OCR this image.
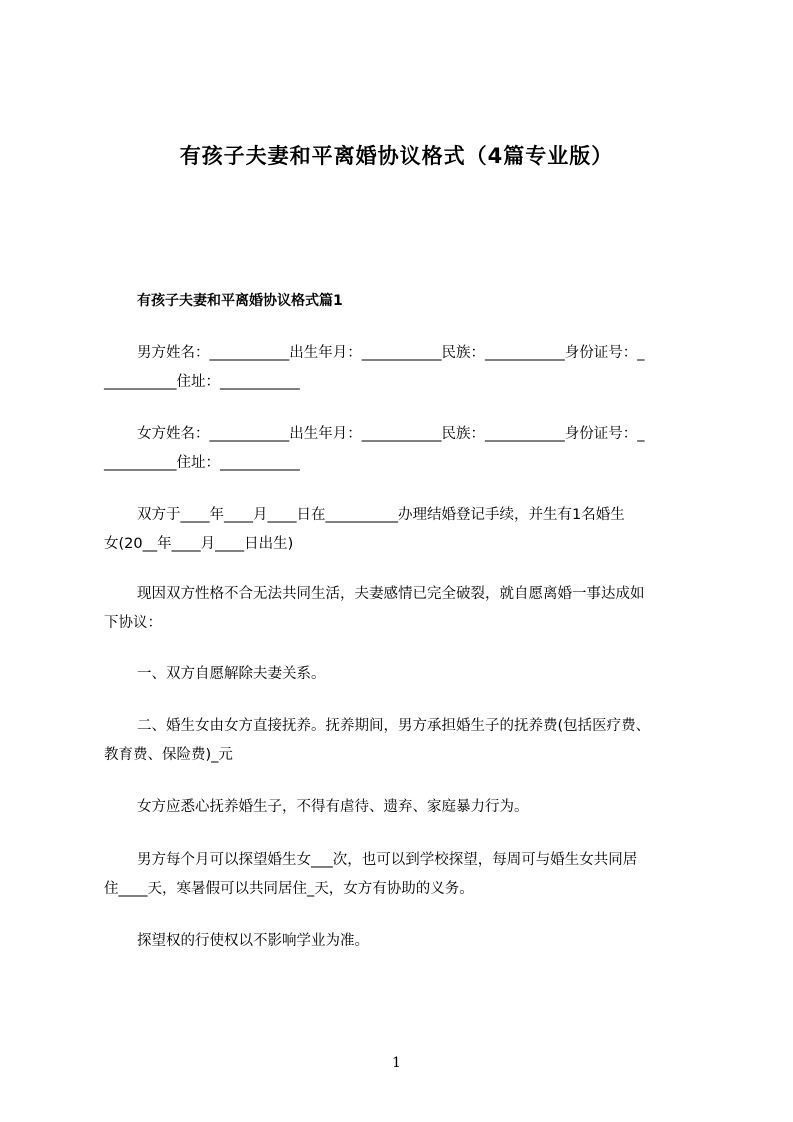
有孩子夫妻和平离婚协议格式（4篇专业版）
有孩子夫妻和平离婚协议格式篇1
男方姓名：___________出生年月：___________民族：___________身份证号：_
__________住址：___________
女方姓名：___________出生年月：___________民族：___________身份证号：_
__________住址：___________
双方于____年____月____日在__________办理结婚登记手续，并生有1名婚生
女(20__年____月____日出生)
现因双方性格不合无法共同生活，夫妻感情已完全破裂，就自愿离婚一事达成如
下协议：
一、双方自愿解除夫妻关系。
二、婚生女由女方直接抚养。抚养期间，男方承担婚生子的抚养费(包括医疗费、
教育费、保险费)_元
女方应悉心抚养婚生子，不得有虐待、遗弃、家庭暴力行为。
男方每个月可以探望婚生女___次，也可以到学校探望，每周可与婚生女共同居
住____天，寒暑假可以共同居住_天，女方有协助的义务。
探望权的行使权以不影响学业为准。
1
